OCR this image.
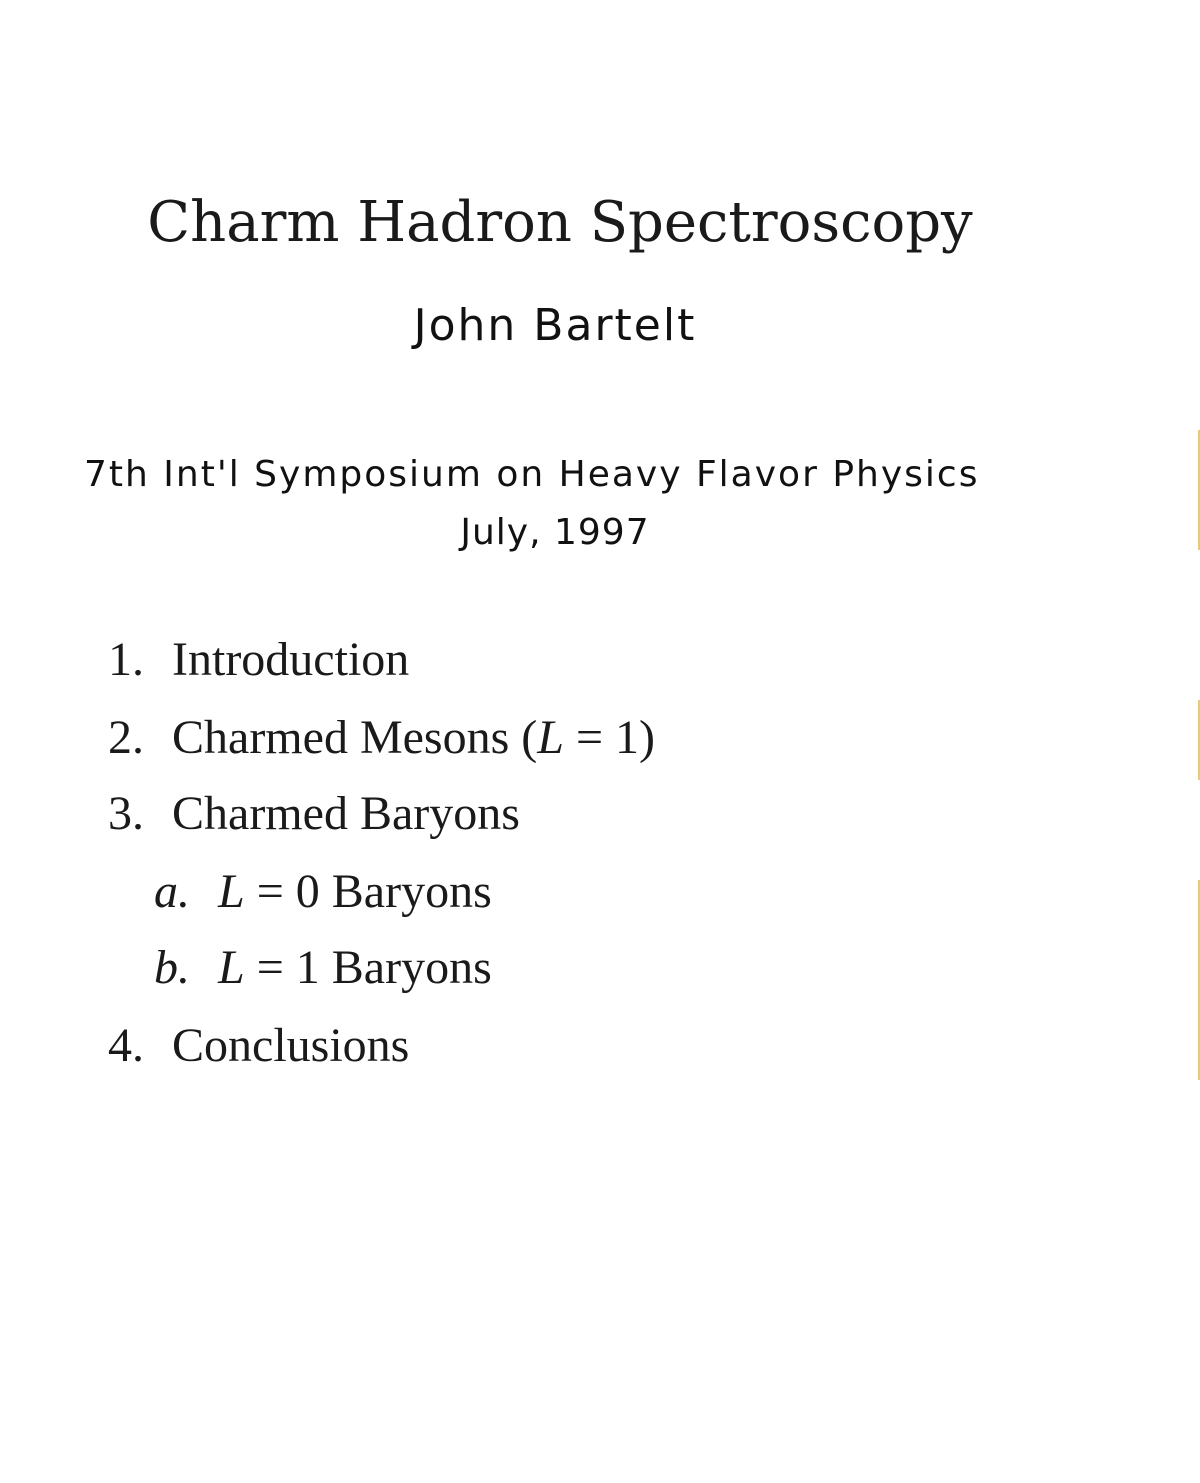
Charm Hadron Spectroscopy
John Bartelt
7th Int'l Symposium on Heavy Flavor Physics
July, 1997
1. Introduction
2. Charmed Mesons (L = 1)
3. Charmed Baryons
a. L = 0 Baryons
b. L = 1 Baryons
4. Conclusions
